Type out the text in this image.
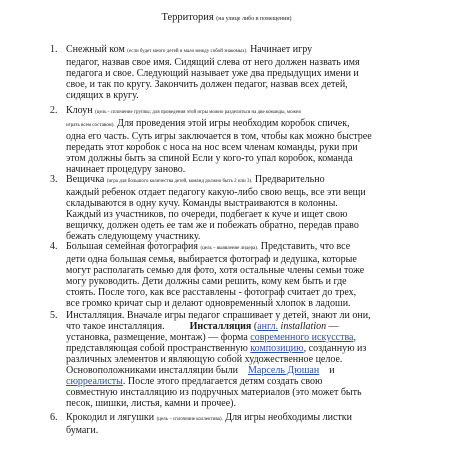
Территория (на улице либо в помещении)
1. Снежный ком (если будет много детей и мало между собой знакомых). Начинает игру
педагог, назвав свое имя. Сидящий слева от него должен назвать имя
педагога и свое. Следующий называет уже два предыдущих имени и
свое, и так по кругу. Закончить должен педагог, назвав всех детей,
сидящих в кругу.
2. Клоун (цель - сплочение группы; для проведения этой игры можно разделиться на две команды, можно
играть всем составом). Для проведения этой игры необходим коробок спичек,
одна его часть. Суть игры заключается в том, чтобы как можно быстрее
передать этот коробок с носа на нос всем членам команды, руки при
этом должны быть за спиной Если у кого-то упал коробок, команда
начинает процедуру заново.
3. Вещичка (игра для большого количества детей, команд должно быть 2 или 3). Предварительно
каждый ребенок отдает педагогу какую-либо свою вещь, все эти вещи
складываются в одну кучу. Команды выстраиваются в колонны.
Каждый из участников, по очереди, подбегает к куче и ищет свою
вещичку, должен одеть ее там же и побежать обратно, передав право
бежать следующему участнику.
4. Большая семейная фотография (цель – выявление лидера). Представить, что все
дети одна большая семья, выбирается фотограф и дедушка, которые
могут располагать семью для фото, хотя остальные члены семьи тоже
могу руководить. Дети должны сами решить, кому кем быть и где
стоять. После того, как все расставлены - фотограф считает до трех,
все громко кричат сыр и делают одновременный хлопок в ладоши.
5. Инсталляция. Вначале игры педагог спрашивает у детей, знают ли они,
что такое инсталляция.	Инсталляция (англ. installation —
установка, размещение, монтаж) — форма современного искусства,
представляющая собой пространственную композицию, созданную из
различных элементов и являющую собой художественное целое.
Основоположниками инсталляции были Марсель Дюшан и
сюрреалисты. После этого предлагается детям создать свою
совместную инсталляцию из подручных материалов (это может быть
песок, шишки, листья, камни и прочее).
6. Крокодил и лягушки (цель – сплочение коллектива). Для игры необходимы листки
бумаги.
